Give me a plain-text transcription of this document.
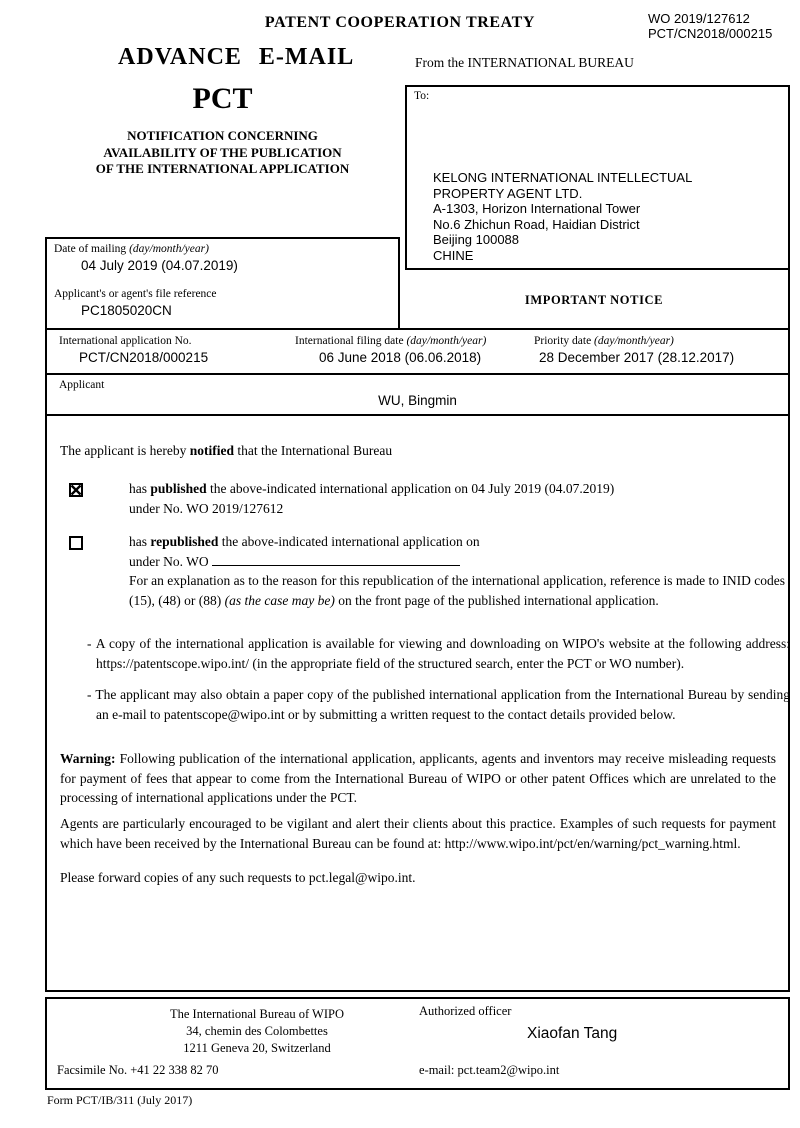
PATENT COOPERATION TREATY	WO 2019/127612
PCT/CN2018/000215
ADVANCE E-MAIL	From the INTERNATIONAL BUREAU
PCT
NOTIFICATION CONCERNING
AVAILABILITY OF THE PUBLICATION
OF THE INTERNATIONAL APPLICATION
To:
KELONG INTERNATIONAL INTELLECTUAL
PROPERTY AGENT LTD.
A-1303, Horizon International Tower
No.6 Zhichun Road, Haidian District
Beijing 100088
CHINE
Date of mailing (day/month/year)
04 July 2019 (04.07.2019)
Applicant's or agent's file reference
PC1805020CN
IMPORTANT NOTICE
International application No.
PCT/CN2018/000215
International filing date (day/month/year)
06 June 2018 (06.06.2018)
Priority date (day/month/year)
28 December 2017 (28.12.2017)
Applicant
WU, Bingmin
The applicant is hereby notified that the International Bureau
has published the above-indicated international application on 04 July 2019 (04.07.2019)
under No. WO 2019/127612
has republished the above-indicated international application on
under No. WO
For an explanation as to the reason for this republication of the international application, reference is made to INID codes
(15), (48) or (88) (as the case may be) on the front page of the published international application.
- A copy of the international application is available for viewing and downloading on WIPO's website at the following address: https://patentscope.wipo.int/ (in the appropriate field of the structured search, enter the PCT or WO number).
- The applicant may also obtain a paper copy of the published international application from the International Bureau by sending an e-mail to patentscope@wipo.int or by submitting a written request to the contact details provided below.
Warning: Following publication of the international application, applicants, agents and inventors may receive misleading requests for payment of fees that appear to come from the International Bureau of WIPO or other patent Offices which are unrelated to the processing of international applications under the PCT.
Agents are particularly encouraged to be vigilant and alert their clients about this practice. Examples of such requests for payment which have been received by the International Bureau can be found at: http://www.wipo.int/pct/en/warning/pct_warning.html.
Please forward copies of any such requests to pct.legal@wipo.int.
The International Bureau of WIPO
34, chemin des Colombettes
1211 Geneva 20, Switzerland
Authorized officer
Xiaofan Tang
Facsimile No. +41 22 338 82 70	e-mail: pct.team2@wipo.int
Form PCT/IB/311 (July 2017)
